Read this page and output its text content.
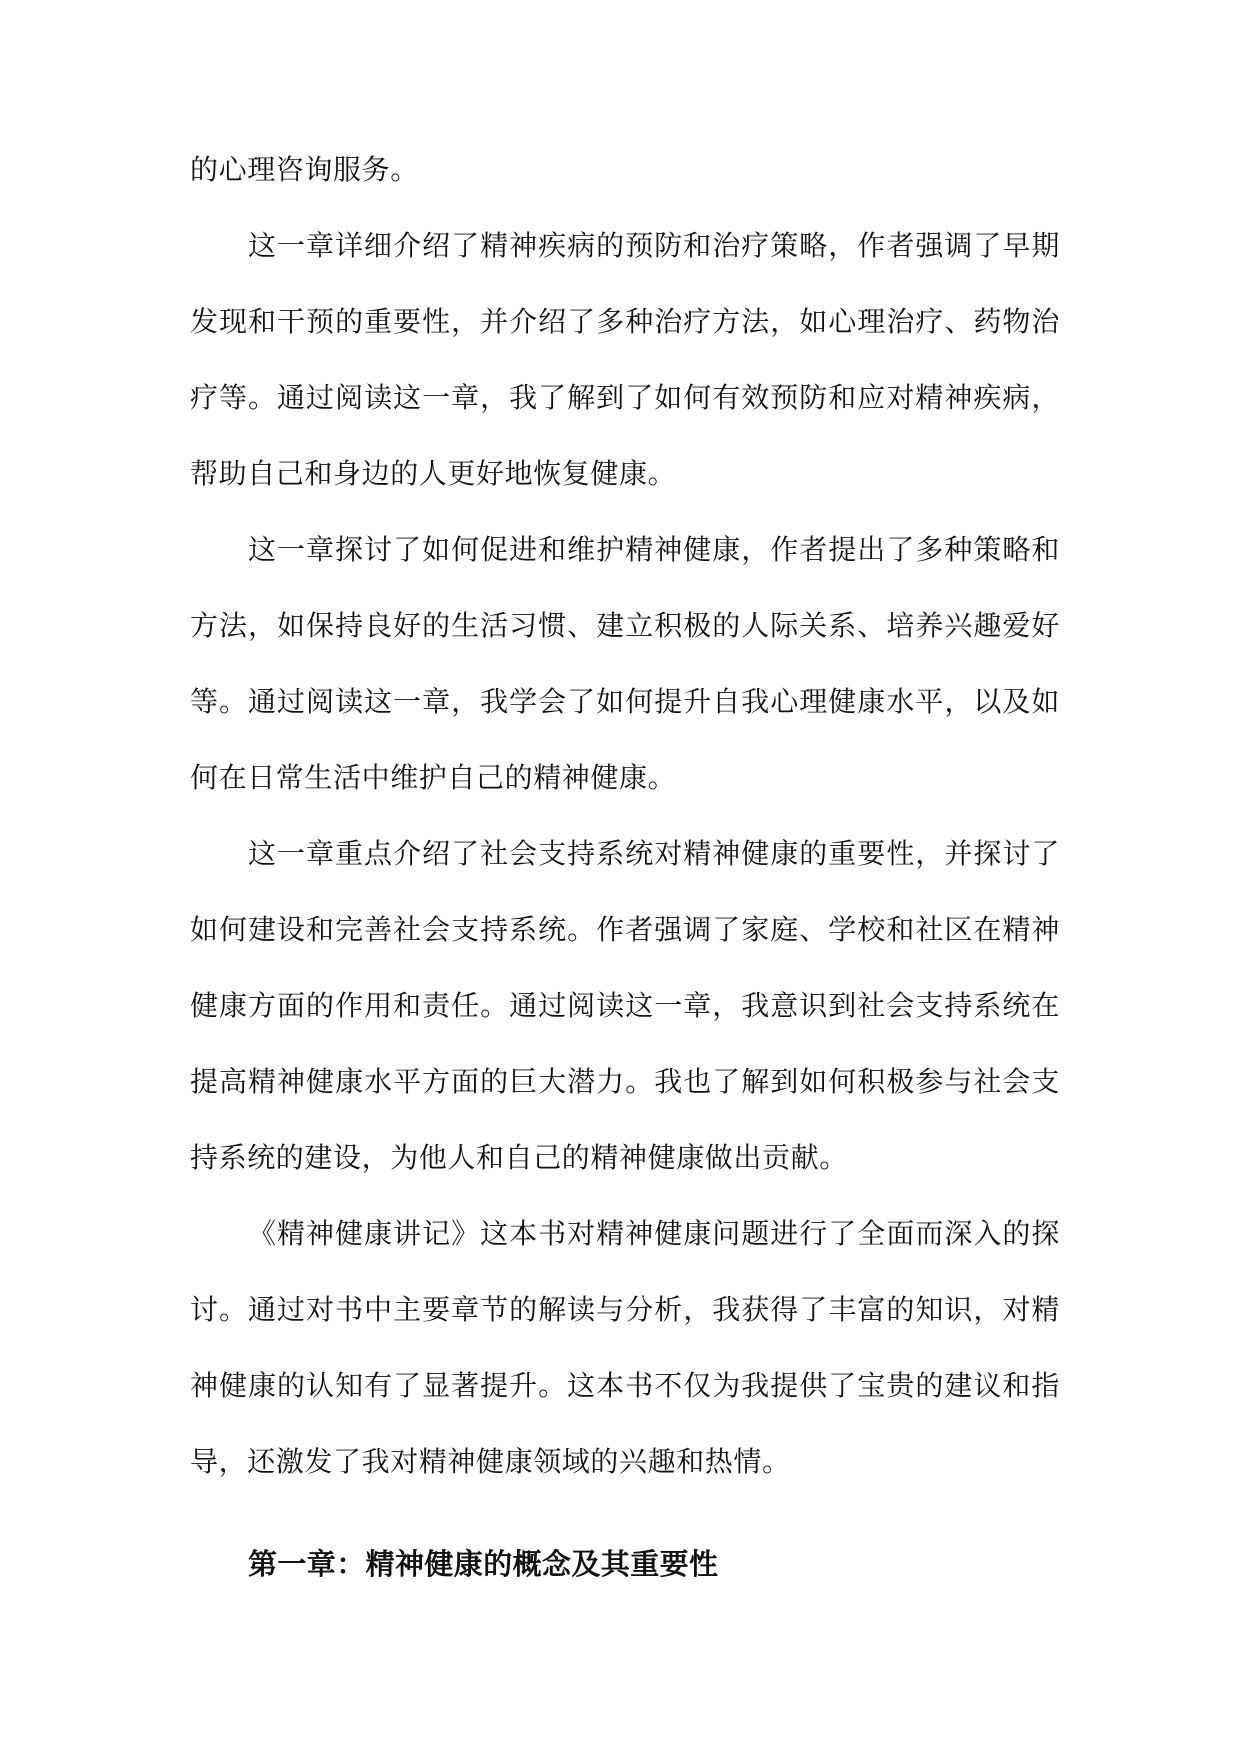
的心理咨询服务。

这一章详细介绍了精神疾病的预防和治疗策略，作者强调了早期发现和干预的重要性，并介绍了多种治疗方法，如心理治疗、药物治疗等。通过阅读这一章，我了解到了如何有效预防和应对精神疾病，帮助自己和身边的人更好地恢复健康。

这一章探讨了如何促进和维护精神健康，作者提出了多种策略和方法，如保持良好的生活习惯、建立积极的人际关系、培养兴趣爱好等。通过阅读这一章，我学会了如何提升自我心理健康水平，以及如何在日常生活中维护自己的精神健康。

这一章重点介绍了社会支持系统对精神健康的重要性，并探讨了如何建设和完善社会支持系统。作者强调了家庭、学校和社区在精神健康方面的作用和责任。通过阅读这一章，我意识到社会支持系统在提高精神健康水平方面的巨大潜力。我也了解到如何积极参与社会支持系统的建设，为他人和自己的精神健康做出贡献。

《精神健康讲记》这本书对精神健康问题进行了全面而深入的探讨。通过对书中主要章节的解读与分析，我获得了丰富的知识，对精神健康的认知有了显著提升。这本书不仅为我提供了宝贵的建议和指导，还激发了我对精神健康领域的兴趣和热情。

第一章：精神健康的概念及其重要性
